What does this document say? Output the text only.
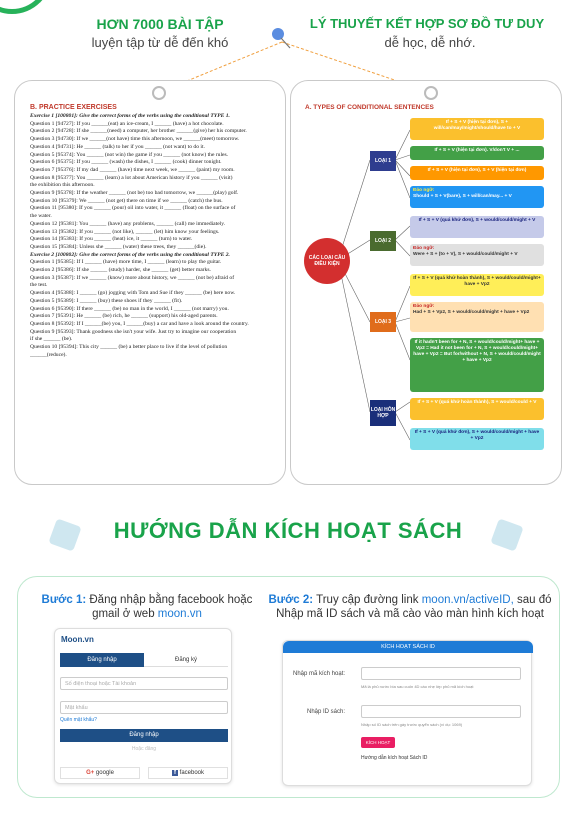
HƠN 7000 BÀI TẬP
luyện tập từ dễ đến khó
LÝ THUYẾT KẾT HỢP SƠ ĐỒ TƯ DUY
dễ học, dễ nhớ.
B. PRACTICE EXERCISES
Exercise 1 [100801]: Give the correct forms of the verbs using the conditional TYPE 1.
Question 1 [94727]: If you ______(eat) an ice-cream, I ______ (have) a hot chocolate.
Question 2 [94728]: If she ______(need) a computer, her brother ______(give) her his computer.
Question 3 [94730]: If we ______(not have) time this afternoon, we ______(meet) tomorrow.
Question 4 [94731]: He ______ (talk) to her if you ______ (not want) to do it.
Question 5 [95374]: You ______ (not win) the game if you ______ (not know) the rules.
Question 6 [95375]: If you ______ (wash) the dishes, I ______ (cook) dinner tonight.
Question 7 [95376]: If my dad ______ (have) time next week, we ______ (paint) my room.
Question 8 [95377]: You ______ (learn) a lot about American history if you ______ (visit)
the exhibition this afternoon.
Question 9 [95378]: If the weather ______ (not be) too bad tomorrow, we ______(play) golf.
Question 10 [95379]: We ______ (not get) there on time if we ______ (catch) the bus.
Question 11 [95380]: If you ______ (pour) oil into water, it ______ (float) on the surface of
the water.
Question 12 [95381]: You ______ (have) any problems, ______ (call) me immediately.
Question 13 [95382]: If you ______ (not like), ______ (let) him know your feelings.
Question 14 [95383]: If you ______ (heat) ice, it ______ (turn) to water.
Question 15 [95384]: Unless she ______ (water) these trees, they ______(die).
Exercise 2 [100802]: Give the correct forms of the verbs using the conditional TYPE 2.
Question 1 [95385]: If I ______ (have) more time, I ______ (learn) to play the guitar.
Question 2 [95386]: If she ______ (study) harder, she ______ (get) better marks.
Question 3 [95387]: If we ______ (know) more about history, we ______ (not be) afraid of
the test.
Question 4 [95388]: I ______ (go) jogging with Tom and Sue if they ______ (be) here now.
Question 5 [95389]: I ______ (buy) these shoes if they ______ (fit).
Question 6 [95390]: If there ______ (be) no man in the world, I ______ (not marry) you.
Question 7 [95391]: He ______ (be) rich, he ______ (support) his old-aged parents.
Question 8 [95392]: If I ______(be) you, I ______(buy) a car and have a look around the country.
Question 9 [95393]: Thank goodness she isn't your wife. Just try to imagine our cooperation
if she ______ (be).
Question 10 [95394]: This city ______ (be) a better place to live if the level of pollution
______(reduce).
A. TYPES OF CONDITIONAL SENTENCES
CÁC LOẠI CÂU ĐIỀU KIỆN
LOẠI 1
LOẠI 2
LOẠI 3
LOẠI HỖN HỢP
If + S + V (hiện tại đơn), S + will/can/may/might/should/have to + V
If + S + V (hiện tại đơn). V/don't V + ...
If + S + V (hiện tại đơn), S + V (hiện tại đơn)
Đảo ngữ:
Should + S + V(bare), S + will/can/may... + V
If + S + V (quá khứ đơn), S + would/could/might + V
Đảo ngữ:
Were + S + (to + V), S + would/could/might + V
If + S + V (quá khứ hoàn thành), S + would/could/might+ have + Vp2
Đảo ngữ:
Had + S + Vp2, S + would/could/might + have + Vp2
If it hadn't been for + N, S + would/could/might+ have + Vp2 = Had it not been for + N, S + would/could/might+ have + Vp2 = But for/without + N, S + would/could/might + have + Vp2
If + S + V (quá khứ hoàn thành), S + would/could + V
If + S + V (quá khứ đơn), S + would/could/might + have + Vp2
HƯỚNG DẪN KÍCH HOẠT SÁCH
Bước 1: Đăng nhập bằng facebook hoặc gmail ở web moon.vn
Bước 2: Truy cập đường link moon.vn/activeID, sau đó Nhập mã ID sách và mã cào vào màn hình kích hoạt
Moon.vn
Đăng nhập	Đăng ký
Số điện thoại hoặc Tài khoản
Mật khẩu
Quên mật khẩu?
Đăng nhập
Hoặc đăng
G+ google	f facebook
KÍCH HOẠT SÁCH ID
Nhập mã kích hoạt:
Mã là phủ nước bìa sau cuốn 4D cào nhẹ lớp phủ mã kích hoạt
Nhập ID sách:
Nhập số ID sách trên gáy trước quyển sách (ví dụ: 1069)
KÍCH HOẠT
Hướng dẫn kích hoạt Sách ID
